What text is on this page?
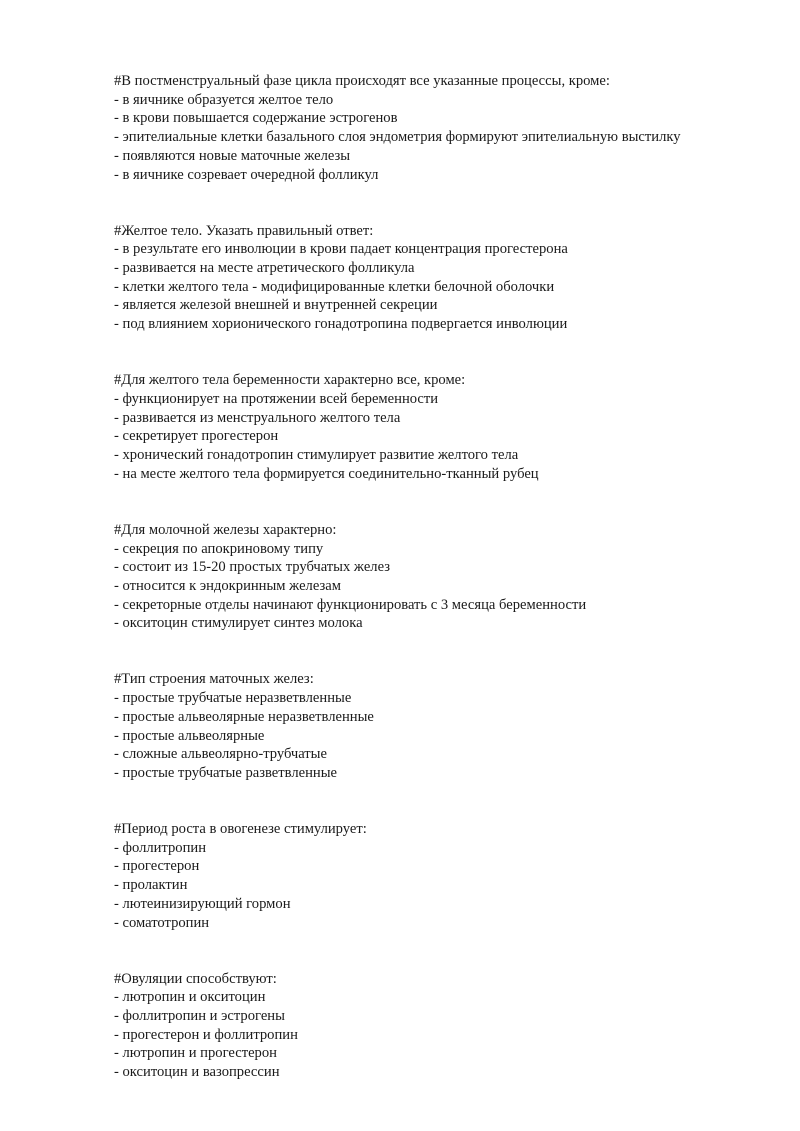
#В постменструальный фазе цикла происходят все указанные процессы, кроме:
- в яичнике образуется желтое тело
- в крови повышается содержание эстрогенов
- эпителиальные клетки базального слоя эндометрия формируют эпителиальную выстилку
- появляются новые маточные железы
- в яичнике созревает очередной фолликул
#Желтое тело. Указать правильный ответ:
- в результате его инволюции в крови падает концентрация прогестерона
- развивается на месте атретического фолликула
- клетки желтого тела - модифицированные клетки белочной оболочки
- является железой внешней и внутренней секреции
- под влиянием хорионического гонадотропина подвергается инволюции
#Для желтого тела беременности характерно все, кроме:
- функционирует на протяжении всей беременности
- развивается из менструального желтого тела
- секретирует прогестерон
- хронический гонадотропин стимулирует развитие желтого тела
- на месте желтого тела формируется соединительно-тканный рубец
#Для молочной железы характерно:
- секреция по апокриновому типу
- состоит из 15-20 простых трубчатых желез
- относится к эндокринным железам
- секреторные отделы начинают функционировать с 3 месяца беременности
- окситоцин стимулирует синтез молока
#Тип строения маточных желез:
- простые трубчатые неразветвленные
- простые альвеолярные неразветвленные
- простые альвеолярные
- сложные альвеолярно-трубчатые
- простые трубчатые разветвленные
#Период роста в овогенезе стимулирует:
- фоллитропин
- прогестерон
- пролактин
- лютеинизирующий гормон
- соматотропин
#Овуляции способствуют:
- лютропин и окситоцин
- фоллитропин и эстрогены
- прогестерон и фоллитропин
- лютропин и прогестерон
- окситоцин и вазопрессин
